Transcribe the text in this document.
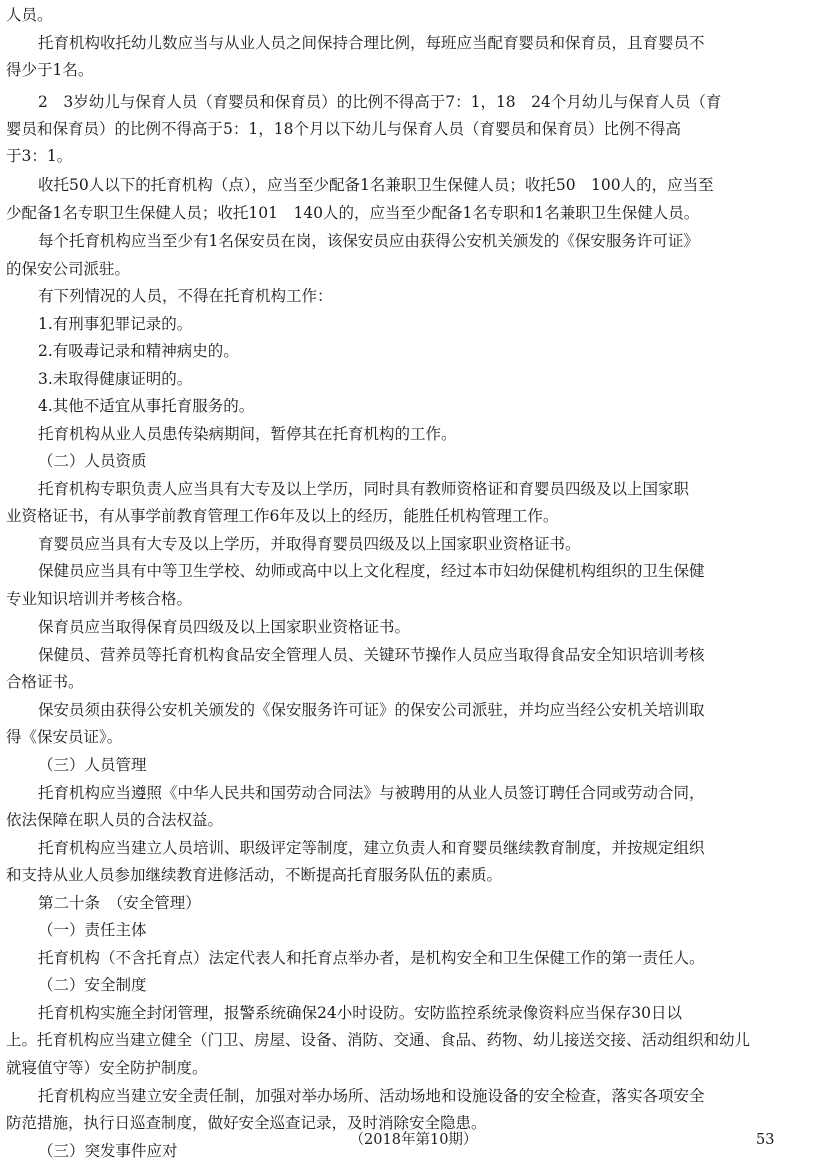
人员。
托育机构收托幼儿数应当与从业人员之间保持合理比例，每班应当配育婴员和保育员，且育婴员不
得少于1名。
2　3岁幼儿与保育人员（育婴员和保育员）的比例不得高于7：1，18　24个月幼儿与保育人员（育
婴员和保育员）的比例不得高于5：1，18个月以下幼儿与保育人员（育婴员和保育员）比例不得高
于3：1。
收托50人以下的托育机构（点），应当至少配备1名兼职卫生保健人员；收托50　100人的，应当至
少配备1名专职卫生保健人员；收托101　140人的，应当至少配备1名专职和1名兼职卫生保健人员。
每个托育机构应当至少有1名保安员在岗，该保安员应由获得公安机关颁发的《保安服务许可证》
的保安公司派驻。
有下列情况的人员，不得在托育机构工作：
1.有刑事犯罪记录的。
2.有吸毒记录和精神病史的。
3.未取得健康证明的。
4.其他不适宜从事托育服务的。
托育机构从业人员患传染病期间，暂停其在托育机构的工作。
（二）人员资质
托育机构专职负责人应当具有大专及以上学历，同时具有教师资格证和育婴员四级及以上国家职
业资格证书，有从事学前教育管理工作6年及以上的经历，能胜任机构管理工作。
育婴员应当具有大专及以上学历，并取得育婴员四级及以上国家职业资格证书。
保健员应当具有中等卫生学校、幼师或高中以上文化程度，经过本市妇幼保健机构组织的卫生保健
专业知识培训并考核合格。
保育员应当取得保育员四级及以上国家职业资格证书。
保健员、营养员等托育机构食品安全管理人员、关键环节操作人员应当取得食品安全知识培训考核
合格证书。
保安员须由获得公安机关颁发的《保安服务许可证》的保安公司派驻，并均应当经公安机关培训取
得《保安员证》。
（三）人员管理
托育机构应当遵照《中华人民共和国劳动合同法》与被聘用的从业人员签订聘任合同或劳动合同，
依法保障在职人员的合法权益。
托育机构应当建立人员培训、职级评定等制度，建立负责人和育婴员继续教育制度，并按规定组织
和支持从业人员参加继续教育进修活动，不断提高托育服务队伍的素质。
第二十条　（安全管理）
（一）责任主体
托育机构（不含托育点）法定代表人和托育点举办者，是机构安全和卫生保健工作的第一责任人。
（二）安全制度
托育机构实施全封闭管理，报警系统确保24小时设防。安防监控系统录像资料应当保存30日以
上。托育机构应当建立健全（门卫、房屋、设备、消防、交通、食品、药物、幼儿接送交接、活动组织和幼儿
就寝值守等）安全防护制度。
托育机构应当建立安全责任制，加强对举办场所、活动场地和设施设备的安全检查，落实各项安全
防范措施，执行日巡查制度，做好安全巡查记录，及时消除安全隐患。
（三）突发事件应对
（2018年第10期）	53
